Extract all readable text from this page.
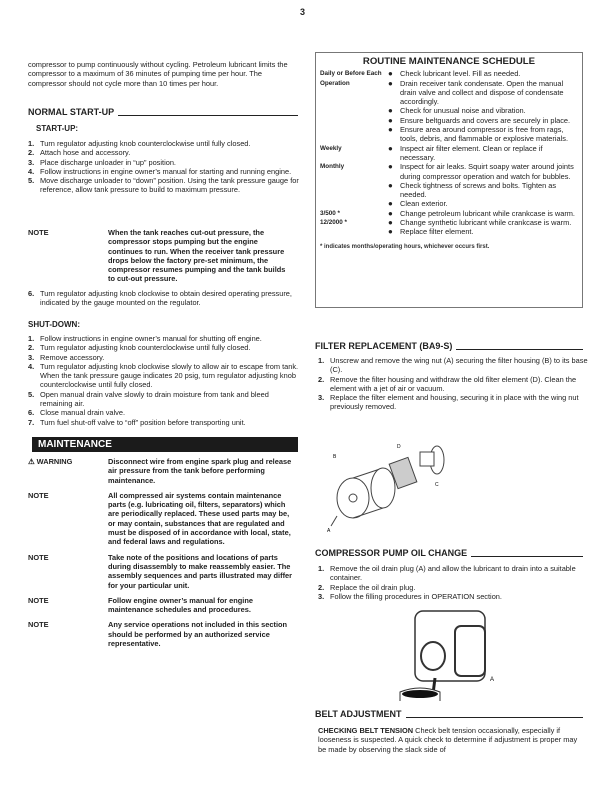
3
compressor to pump continuously without cycling. Petroleum lubricant limits the compressor to a maximum of 36 minutes of pumping time per hour. The compressor should not cycle more than 10 times per hour.
NORMAL START-UP
START-UP:
1. Turn regulator adjusting knob counterclockwise until fully closed.
2. Attach hose and accessory.
3. Place discharge unloader in “up” position.
4. Follow instructions in engine owner’s manual for starting and running engine.
5. Move discharge unloader to “down” position. Using the tank pressure gauge for reference, allow tank pressure to build to maximum pressure.
NOTE	When the tank reaches cut-out pressure, the compressor stops pumping but the engine continues to run. When the receiver tank pressure drops below the factory pre-set minimum, the compressor resumes pumping and the tank builds to cut-out pressure.
6. Turn regulator adjusting knob clockwise to obtain desired operating pressure, indicated by the gauge mounted on the regulator.
SHUT-DOWN:
1. Follow instructions in engine owner’s manual for shutting off engine.
2. Turn regulator adjusting knob counterclockwise until fully closed.
3. Remove accessory.
4. Turn regulator adjusting knob clockwise slowly to allow air to escape from tank. When the tank pressure gauge indicates 20 psig, turn regulator adjusting knob counterclockwise until fully closed.
5. Open manual drain valve slowly to drain moisture from tank and bleed remaining air.
6. Close manual drain valve.
7. Turn fuel shut-off valve to “off” position before transporting unit.
MAINTENANCE
⚠ WARNING	Disconnect wire from engine spark plug and release air pressure from the tank before performing maintenance.
NOTE	All compressed air systems contain maintenance parts (e.g. lubricating oil, filters, separators) which are periodically replaced. These used parts may be, or may contain, substances that are regulated and must be disposed of in accordance with local, state, and federal laws and regulations.
NOTE	Take note of the positions and locations of parts during disassembly to make reassembly easier. The assembly sequences and parts illustrated may differ for your particular unit.
NOTE	Follow engine owner’s manual for engine maintenance schedules and procedures.
NOTE	Any service operations not included in this section should be performed by an authorized service representative.
ROUTINE MAINTENANCE SCHEDULE
Daily or Before Each Operation
● Check lubricant level. Fill as needed.
● Drain receiver tank condensate. Open the manual drain valve and collect and dispose of condensate accordingly.
● Check for unusual noise and vibration.
● Ensure beltguards and covers are securely in place.
● Ensure area around compressor is free from rags, tools, debris, and flammable or explosive materials.
Weekly	● Inspect air filter element. Clean or replace if necessary.
Monthly	● Inspect for air leaks. Squirt soapy water around joints during compressor operation and watch for bubbles.
● Check tightness of screws and bolts. Tighten as needed.
● Clean exterior.
3/500 *	● Change petroleum lubricant while crankcase is warm.
12/2000 *	● Change synthetic lubricant while crankcase is warm.
● Replace filter element.
* indicates months/operating hours, whichever occurs first.
FILTER REPLACEMENT (BA9-S)
1. Unscrew and remove the wing nut (A) securing the filter housing (B) to its base (C).
2. Remove the filter housing and withdraw the old filter element (D). Clean the element with a jet of air or vacuum.
3. Replace the filter element and housing, securing it in place with the wing nut previously removed.
A
B
C
D
COMPRESSOR PUMP OIL CHANGE
1. Remove the oil drain plug (A) and allow the lubricant to drain into a suitable container.
2. Replace the oil drain plug.
3. Follow the filling procedures in OPERATION section.
A
BELT ADJUSTMENT
CHECKING BELT TENSION Check belt tension occasionally, especially if looseness is suspected. A quick check to determine if adjustment is proper may be made by observing the slack side of
